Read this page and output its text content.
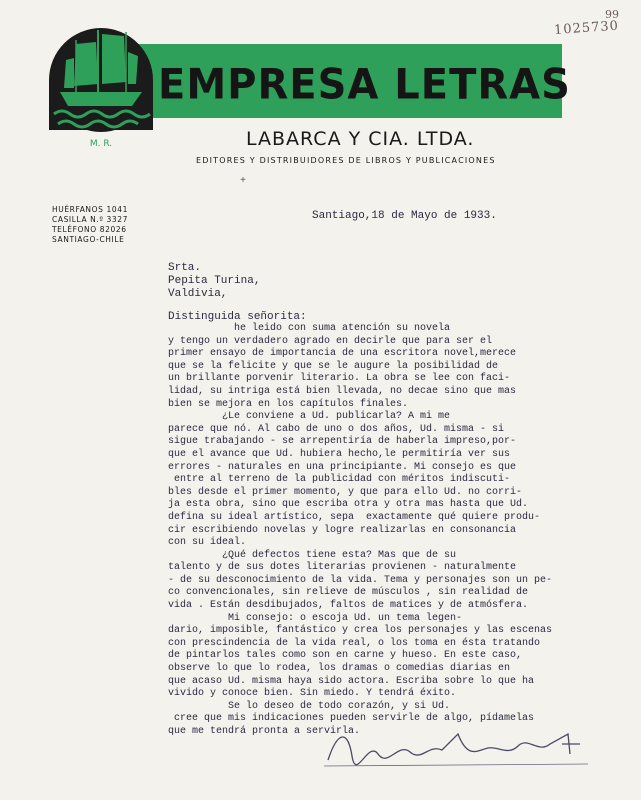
99
1025730
M. R.
EMPRESA LETRAS
LABARCA Y CIA. LTDA.
EDITORES Y DISTRIBUIDORES DE LIBROS Y PUBLICACIONES
HUÉRFANOS 1041
CASILLA N.º 3327
TELÉFONO 82026
SANTIAGO-CHILE
+
Santiago,18 de Mayo de 1933.
Srta.
Pepita Turina,
Valdivia,
Distinguida señorita:

he leido con suma atención su novela

y tengo un verdadero agrado en decirle que para ser el

primer ensayo de importancia de una escritora novel,merece

que se la felicite y que se le augure la posibilidad de

un brillante porvenir literario. La obra se lee con faci-

lidad, su intriga está bien llevada, no decae sino que mas

bien se mejora en los capítulos finales.

¿Le conviene a Ud. publicarla? A mi me

parece que nó. Al cabo de uno o dos años, Ud. misma - si

sigue trabajando - se arrepentiría de haberla impreso,por-

que el avance que Ud. hubiera hecho,le permitiría ver sus

errores - naturales en una principiante. Mi consejo es que

entre al terreno de la publicidad con méritos indiscuti-

bles desde el primer momento, y que para ello Ud. no corri-

ja esta obra, sino que escriba otra y otra mas hasta que Ud.

defina su ideal artístico, sepa  exactamente qué quiere produ-

cir escribiendo novelas y logre realizarlas en consonancia

con su ideal.

¿Qué defectos tiene esta? Mas que de su

talento y de sus dotes literarias provienen - naturalmente

- de su desconocimiento de la vida. Tema y personajes son un pe-

co convencionales, sin relieve de músculos , sin realidad de

vida . Están desdibujados, faltos de matices y de atmósfera.

Mi consejo: o escoja Ud. un tema legen-

dario, imposible, fantástico y crea los personajes y las escenas

con prescindencia de la vida real, o los toma en ésta tratando

de pintarlos tales como son en carne y hueso. En este caso,

observe lo que lo rodea, los dramas o comedias diarias en

que acaso Ud. misma haya sido actora. Escriba sobre lo que ha

vivido y conoce bien. Sin miedo. Y tendrá éxito.

Se lo deseo de todo corazón, y si Ud.

cree que mis indicaciones pueden servirle de algo, pídamelas

que me tendrá pronta a servirla.
